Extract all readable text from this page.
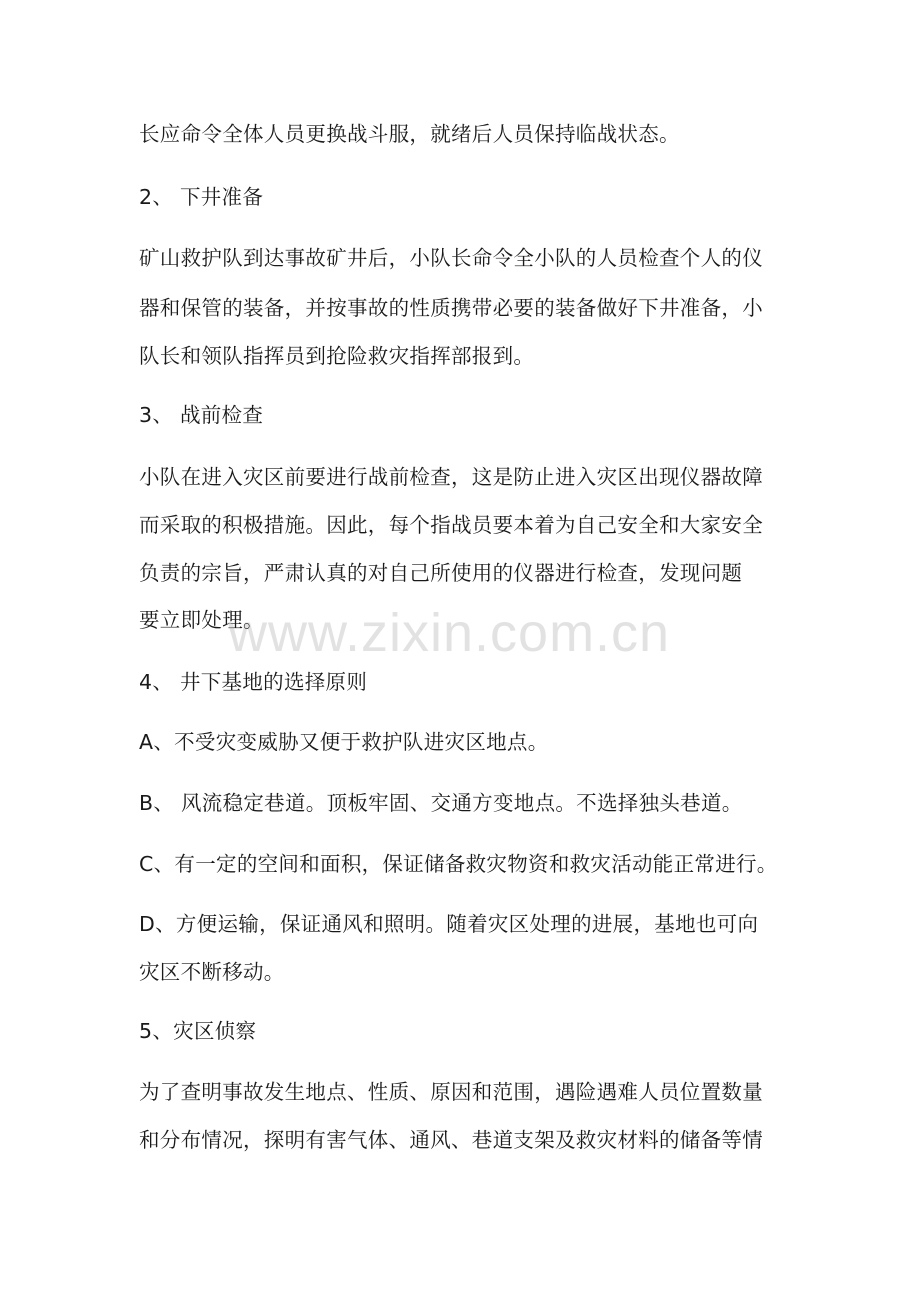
长应命令全体人员更换战斗服，就绪后人员保持临战状态。
2、 下井准备
矿山救护队到达事故矿井后，小队长命令全小队的人员检查个人的仪
器和保管的装备，并按事故的性质携带必要的装备做好下井准备，小
队长和领队指挥员到抢险救灾指挥部报到。
3、 战前检查
小队在进入灾区前要进行战前检查，这是防止进入灾区出现仪器故障
而采取的积极措施。因此，每个指战员要本着为自己安全和大家安全
负责的宗旨，严肃认真的对自己所使用的仪器进行检查，发现问题
要立即处理。
4、 井下基地的选择原则
A、不受灾变威胁又便于救护队进灾区地点。
B、 风流稳定巷道。顶板牢固、交通方变地点。不选择独头巷道。
C、有一定的空间和面积，保证储备救灾物资和救灾活动能正常进行。
D、方便运输，保证通风和照明。随着灾区处理的进展，基地也可向
灾区不断移动。
5、灾区侦察
为了查明事故发生地点、性质、原因和范围，遇险遇难人员位置数量
和分布情况，探明有害气体、通风、巷道支架及救灾材料的储备等情
www.zixin.com.cn
